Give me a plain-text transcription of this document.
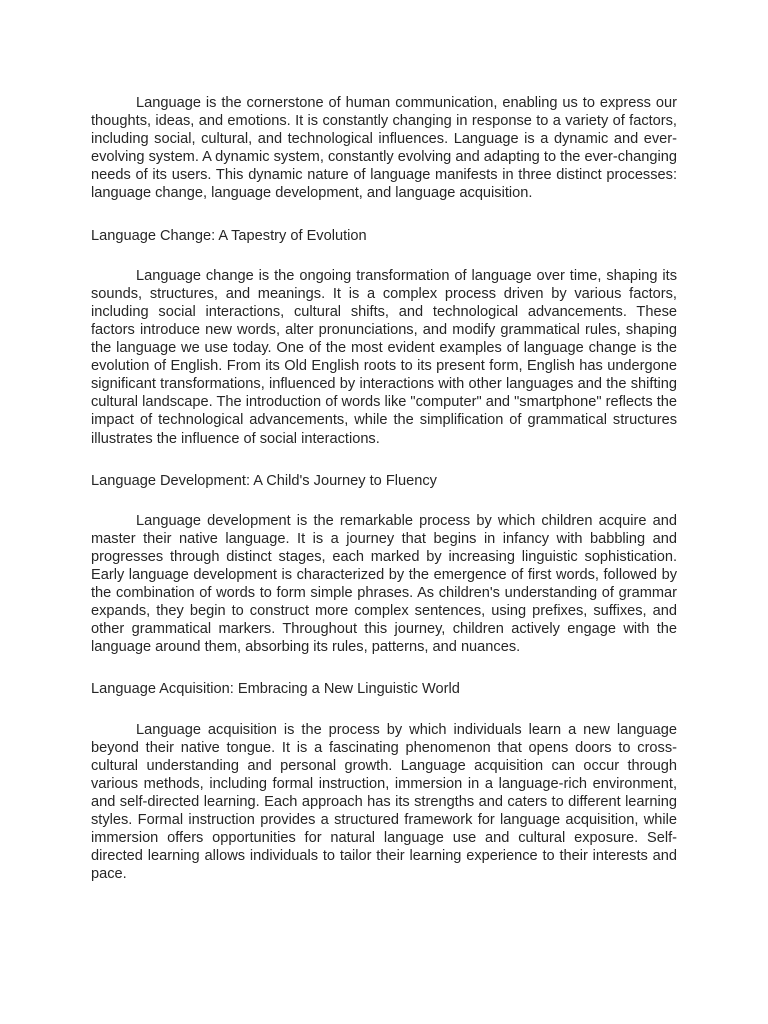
Language is the cornerstone of human communication, enabling us to express our thoughts, ideas, and emotions. It is constantly changing in response to a variety of factors, including social, cultural, and technological influences. Language is a dynamic and ever-evolving system. A dynamic system, constantly evolving and adapting to the ever-changing needs of its users. This dynamic nature of language manifests in three distinct processes: language change, language development, and language acquisition.

Language Change: A Tapestry of Evolution

Language change is the ongoing transformation of language over time, shaping its sounds, structures, and meanings. It is a complex process driven by various factors, including social interactions, cultural shifts, and technological advancements. These factors introduce new words, alter pronunciations, and modify grammatical rules, shaping the language we use today. One of the most evident examples of language change is the evolution of English. From its Old English roots to its present form, English has undergone significant transformations, influenced by interactions with other languages and the shifting cultural landscape. The introduction of words like "computer" and "smartphone" reflects the impact of technological advancements, while the simplification of grammatical structures illustrates the influence of social interactions.

Language Development: A Child's Journey to Fluency

Language development is the remarkable process by which children acquire and master their native language. It is a journey that begins in infancy with babbling and progresses through distinct stages, each marked by increasing linguistic sophistication. Early language development is characterized by the emergence of first words, followed by the combination of words to form simple phrases. As children's understanding of grammar expands, they begin to construct more complex sentences, using prefixes, suffixes, and other grammatical markers. Throughout this journey, children actively engage with the language around them, absorbing its rules, patterns, and nuances.

Language Acquisition: Embracing a New Linguistic World

Language acquisition is the process by which individuals learn a new language beyond their native tongue. It is a fascinating phenomenon that opens doors to cross-cultural understanding and personal growth. Language acquisition can occur through various methods, including formal instruction, immersion in a language-rich environment, and self-directed learning. Each approach has its strengths and caters to different learning styles. Formal instruction provides a structured framework for language acquisition, while immersion offers opportunities for natural language use and cultural exposure. Self-directed learning allows individuals to tailor their learning experience to their interests and pace.
